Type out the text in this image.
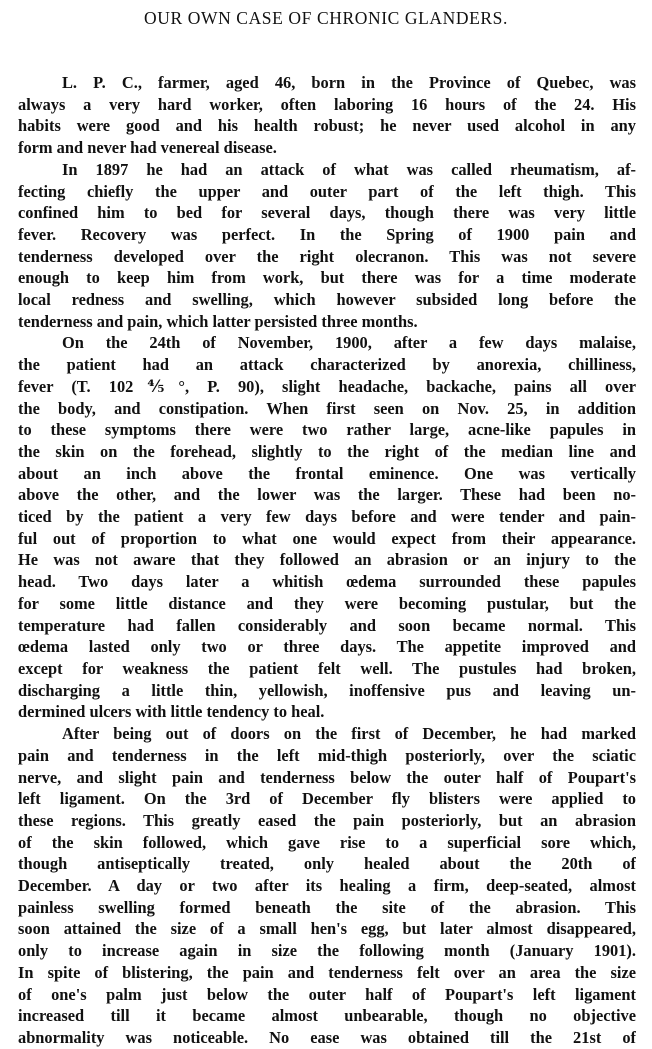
OUR OWN CASE OF CHRONIC GLANDERS.
L. P. C., farmer, aged 46, born in the Province of Quebec, was
always a very hard worker, often laboring 16 hours of the 24. His
habits were good and his health robust; he never used alcohol in any
form and never had venereal disease.
In 1897 he had an attack of what was called rheumatism, af-
fecting chiefly the upper and outer part of the left thigh. This
confined him to bed for several days, though there was very little
fever. Recovery was perfect. In the Spring of 1900 pain and
tenderness developed over the right olecranon. This was not severe
enough to keep him from work, but there was for a time moderate
local redness and swelling, which however subsided long before the
tenderness and pain, which latter persisted three months.
On the 24th of November, 1900, after a few days malaise,
the patient had an attack characterized by anorexia, chilliness,
fever (T. 102⅘°, P. 90), slight headache, backache, pains all over
the body, and constipation. When first seen on Nov. 25, in addition
to these symptoms there were two rather large, acne-like papules in
the skin on the forehead, slightly to the right of the median line and
about an inch above the frontal eminence. One was vertically
above the other, and the lower was the larger. These had been no-
ticed by the patient a very few days before and were tender and pain-
ful out of proportion to what one would expect from their appearance.
He was not aware that they followed an abrasion or an injury to the
head. Two days later a whitish œdema surrounded these papules
for some little distance and they were becoming pustular, but the
temperature had fallen considerably and soon became normal. This
œdema lasted only two or three days. The appetite improved and
except for weakness the patient felt well. The pustules had broken,
discharging a little thin, yellowish, inoffensive pus and leaving un-
dermined ulcers with little tendency to heal.
After being out of doors on the first of December, he had marked
pain and tenderness in the left mid-thigh posteriorly, over the sciatic
nerve, and slight pain and tenderness below the outer half of Poupart's
left ligament. On the 3rd of December fly blisters were applied to
these regions. This greatly eased the pain posteriorly, but an abrasion
of the skin followed, which gave rise to a superficial sore which,
though antiseptically treated, only healed about the 20th of
December. A day or two after its healing a firm, deep-seated, almost
painless swelling formed beneath the site of the abrasion. This
soon attained the size of a small hen's egg, but later almost disappeared,
only to increase again in size the following month (January 1901).
In spite of blistering, the pain and tenderness felt over an area the size
of one's palm just below the outer half of Poupart's left ligament
increased till it became almost unbearable, though no objective
abnormality was noticeable. No ease was obtained till the 21st of
